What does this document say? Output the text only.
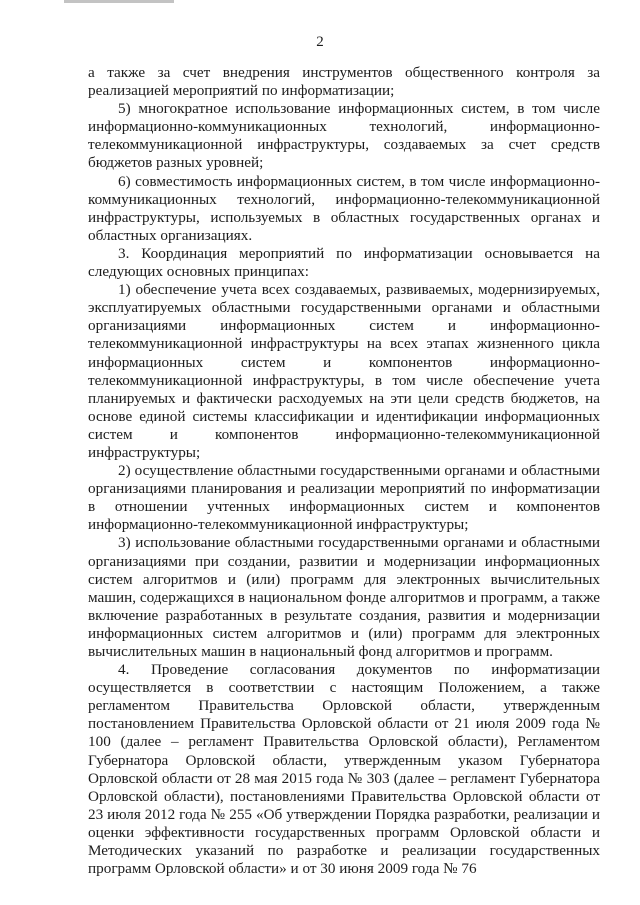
2

а также за счет внедрения инструментов общественного контроля за реализацией мероприятий по информатизации;

5) многократное использование информационных систем, в том числе информационно-коммуникационных технологий, информационно-телекоммуникационной инфраструктуры, создаваемых за счет средств бюджетов разных уровней;

6) совместимость информационных систем, в том числе информационно-коммуникационных технологий, информационно-телекоммуникационной инфраструктуры, используемых в областных государственных органах и областных организациях.

3. Координация мероприятий по информатизации основывается на следующих основных принципах:

1) обеспечение учета всех создаваемых, развиваемых, модернизируемых, эксплуатируемых областными государственными органами и областными организациями информационных систем и информационно-телекоммуникационной инфраструктуры на всех этапах жизненного цикла информационных систем и компонентов информационно-телекоммуникационной инфраструктуры, в том числе обеспечение учета планируемых и фактически расходуемых на эти цели средств бюджетов, на основе единой системы классификации и идентификации информационных систем и компонентов информационно-телекоммуникационной инфраструктуры;

2) осуществление областными государственными органами и областными организациями планирования и реализации мероприятий по информатизации в отношении учтенных информационных систем и компонентов информационно-телекоммуникационной инфраструктуры;

3) использование областными государственными органами и областными организациями при создании, развитии и модернизации информационных систем алгоритмов и (или) программ для электронных вычислительных машин, содержащихся в национальном фонде алгоритмов и программ, а также включение разработанных в результате создания, развития и модернизации информационных систем алгоритмов и (или) программ для электронных вычислительных машин в национальный фонд алгоритмов и программ.

4. Проведение согласования документов по информатизации осуществляется в соответствии с настоящим Положением, а также регламентом Правительства Орловской области, утвержденным постановлением Правительства Орловской области от 21 июля 2009 года № 100 (далее – регламент Правительства Орловской области), Регламентом Губернатора Орловской области, утвержденным указом Губернатора Орловской области от 28 мая 2015 года № 303 (далее – регламент Губернатора Орловской области), постановлениями Правительства Орловской области от 23 июля 2012 года № 255 «Об утверждении Порядка разработки, реализации и оценки эффективности государственных программ Орловской области и Методических указаний по разработке и реализации государственных программ Орловской области» и от 30 июня 2009 года № 76
